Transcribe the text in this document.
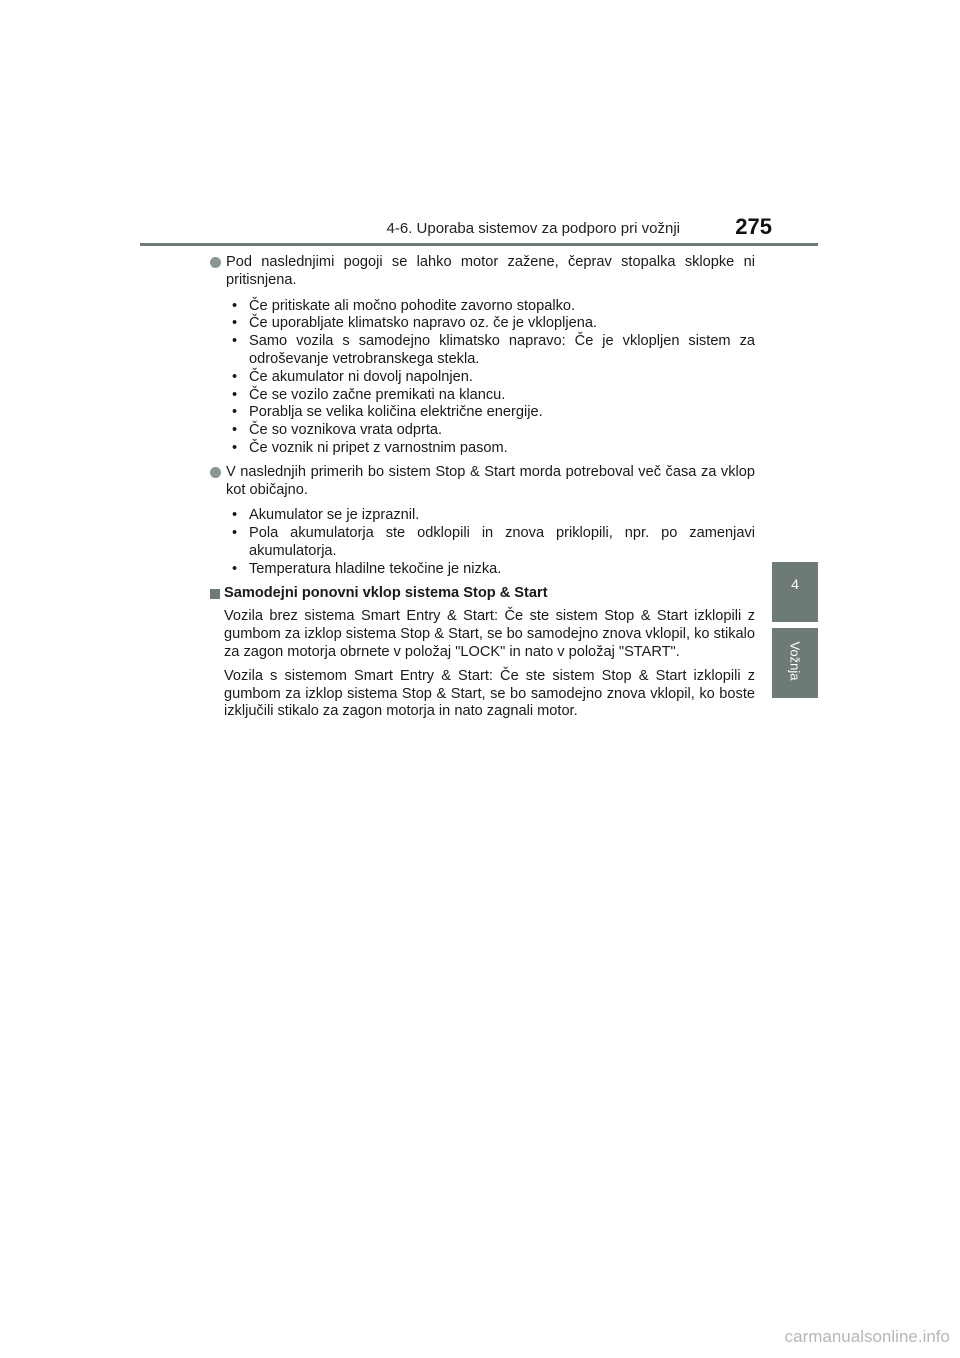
4-6. Uporaba sistemov za podporo pri vožnji	275
4
Vožnja
Pod naslednjimi pogoji se lahko motor zažene, čeprav stopalka sklopke ni pritisnjena.
• Če pritiskate ali močno pohodite zavorno stopalko.
• Če uporabljate klimatsko napravo oz. če je vklopljena.
• Samo vozila s samodejno klimatsko napravo: Če je vklopljen sistem za odroševanje vetrobranskega stekla.
• Če akumulator ni dovolj napolnjen.
• Če se vozilo začne premikati na klancu.
• Porablja se velika količina električne energije.
• Če so voznikova vrata odprta.
• Če voznik ni pripet z varnostnim pasom.
V naslednjih primerih bo sistem Stop & Start morda potreboval več časa za vklop kot običajno.
• Akumulator se je izpraznil.
• Pola akumulatorja ste odklopili in znova priklopili, npr. po zamenjavi akumulatorja.
• Temperatura hladilne tekočine je nizka.
Samodejni ponovni vklop sistema Stop & Start
Vozila brez sistema Smart Entry & Start: Če ste sistem Stop & Start izklopili z gumbom za izklop sistema Stop & Start, se bo samodejno znova vklopil, ko stikalo za zagon motorja obrnete v položaj "LOCK" in nato v položaj "START".
Vozila s sistemom Smart Entry & Start: Če ste sistem Stop & Start izklopili z gumbom za izklop sistema Stop & Start, se bo samodejno znova vklopil, ko boste izključili stikalo za zagon motorja in nato zagnali motor.
carmanualsonline.info
